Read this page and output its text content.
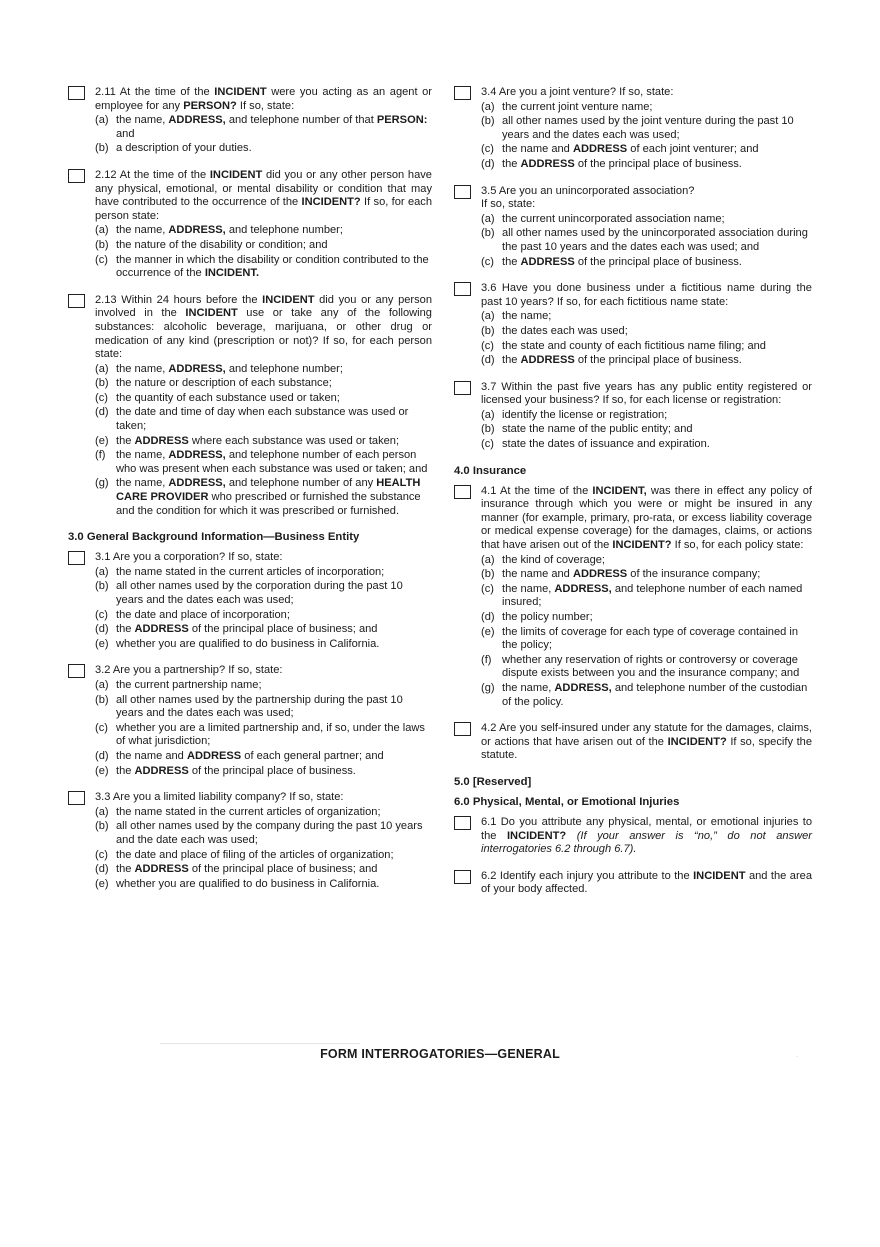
2.11 At the time of the INCIDENT were you acting as an agent or employee for any PERSON? If so, state:

(a) the name, ADDRESS, and telephone number of that PERSON: and
(b) a description of your duties.

2.12 At the time of the INCIDENT did you or any other person have any physical, emotional, or mental disability or condition that may have contributed to the occurrence of the INCIDENT? If so, for each person state:

(a) the name, ADDRESS, and telephone number;
(b) the nature of the disability or condition; and
(c) the manner in which the disability or condition contributed to the occurrence of the INCIDENT.

2.13 Within 24 hours before the INCIDENT did you or any person involved in the INCIDENT use or take any of the following substances: alcoholic beverage, marijuana, or other drug or medication of any kind (prescription or not)? If so, for each person state:

(a) the name, ADDRESS, and telephone number;
(b) the nature or description of each substance;
(c) the quantity of each substance used or taken;
(d) the date and time of day when each substance was used or taken;
(e) the ADDRESS where each substance was used or taken;
(f) the name, ADDRESS, and telephone number of each person who was present when each substance was used or taken; and
(g) the name, ADDRESS, and telephone number of any HEALTH CARE PROVIDER who prescribed or furnished the substance and the condition for which it was prescribed or furnished.
3.0 General Background Information—Business Entity

3.1 Are you a corporation? If so, state:

(a) the name stated in the current articles of incorporation;
(b) all other names used by the corporation during the past 10 years and the dates each was used;
(c) the date and place of incorporation;
(d) the ADDRESS of the principal place of business; and
(e) whether you are qualified to do business in California.

3.2 Are you a partnership? If so, state:

(a) the current partnership name;
(b) all other names used by the partnership during the past 10 years and the dates each was used;
(c) whether you are a limited partnership and, if so, under the laws of what jurisdiction;
(d) the name and ADDRESS of each general partner; and
(e) the ADDRESS of the principal place of business.

3.3 Are you a limited liability company? If so, state:

(a) the name stated in the current articles of organization;
(b) all other names used by the company during the past 10 years and the date each was used;
(c) the date and place of filing of the articles of organization;
(d) the ADDRESS of the principal place of business; and
(e) whether you are qualified to do business in California.

3.4 Are you a joint venture? If so, state:

(a) the current joint venture name;
(b) all other names used by the joint venture during the past 10 years and the dates each was used;
(c) the name and ADDRESS of each joint venturer; and
(d) the ADDRESS of the principal place of business.

3.5 Are you an unincorporated association?

If so, state:

(a) the current unincorporated association name;
(b) all other names used by the unincorporated association during the past 10 years and the dates each was used; and
(c) the ADDRESS of the principal place of business.

3.6 Have you done business under a fictitious name during the past 10 years? If so, for each fictitious name state:

(a) the name;
(b) the dates each was used;
(c) the state and county of each fictitious name filing; and
(d) the ADDRESS of the principal place of business.

3.7 Within the past five years has any public entity registered or licensed your business? If so, for each license or registration:

(a) identify the license or registration;
(b) state the name of the public entity; and
(c) state the dates of issuance and expiration.
4.0 Insurance

4.1 At the time of the INCIDENT, was there in effect any policy of insurance through which you were or might be insured in any manner (for example, primary, pro-rata, or excess liability coverage or medical expense coverage) for the damages, claims, or actions that have arisen out of the INCIDENT? If so, for each policy state:

(a) the kind of coverage;
(b) the name and ADDRESS of the insurance company;
(c) the name, ADDRESS, and telephone number of each named insured;
(d) the policy number;
(e) the limits of coverage for each type of coverage contained in the policy;
(f) whether any reservation of rights or controversy or coverage dispute exists between you and the insurance company; and
(g) the name, ADDRESS, and telephone number of the custodian of the policy.

4.2 Are you self-insured under any statute for the damages, claims, or actions that have arisen out of the INCIDENT? If so, specify the statute.

5.0 [Reserved]
6.0 Physical, Mental, or Emotional Injuries

6.1 Do you attribute any physical, mental, or emotional injuries to the INCIDENT? (If your answer is “no,” do not answer interrogatories 6.2 through 6.7).

6.2 Identify each injury you attribute to the INCIDENT and the area of your body affected.

FORM INTERROGATORIES—GENERAL	.
